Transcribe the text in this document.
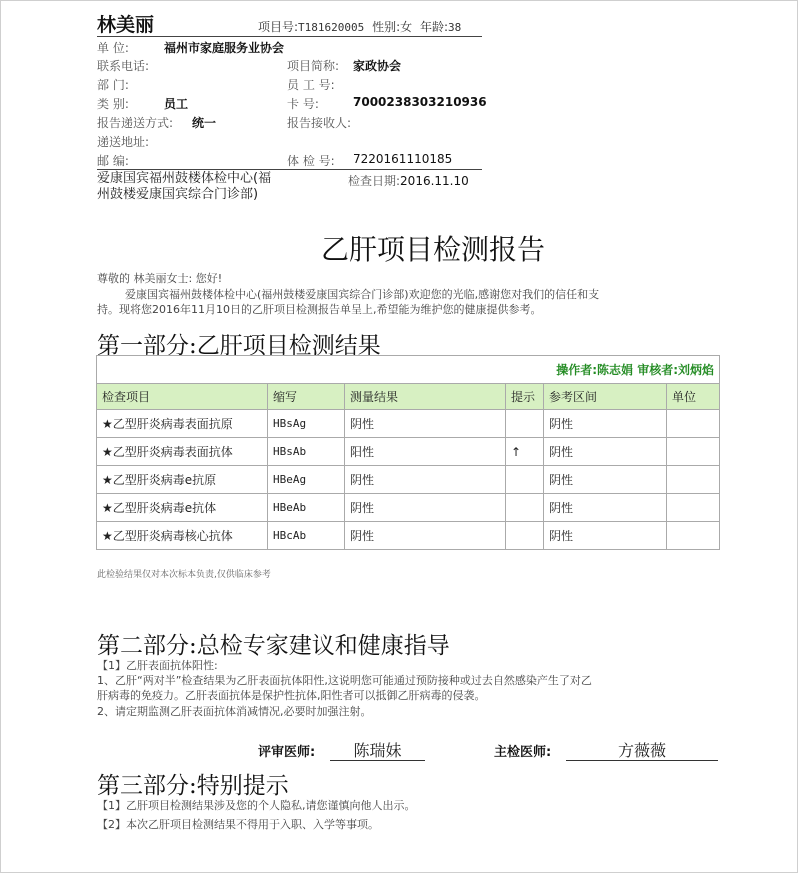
林美丽	项目号:T181620005 性别:女 年龄:38
单 位:	福州市家庭服务业协会
联系电话:	项目简称: 家政协会
部 门:	员 工 号:
类 别:	员工	卡 号:	7000238303210936
报告递送方式: 统一	报告接收人:
递送地址:
邮 编:	体 检 号: 7220161110185
爱康国宾福州鼓楼体检中心(福州鼓楼爱康国宾综合门诊部)
检查日期:2016.11.10
乙肝项目检测报告
尊敬的 林美丽女士: 您好!
爱康国宾福州鼓楼体检中心(福州鼓楼爱康国宾综合门诊部)欢迎您的光临,感谢您对我们的信任和支
持。现将您2016年11月10日的乙肝项目检测报告单呈上,希望能为维护您的健康提供参考。
第一部分:乙肝项目检测结果
操作者:陈志娟 审核者:刘炳焰					
检查项目	缩写	测量结果	提示	参考区间	单位
★乙型肝炎病毒表面抗原	HBsAg	阴性		阴性	
★乙型肝炎病毒表面抗体	HBsAb	阳性	↑	阴性	
★乙型肝炎病毒e抗原	HBeAg	阴性		阴性	
★乙型肝炎病毒e抗体	HBeAb	阴性		阴性	
★乙型肝炎病毒核心抗体	HBcAb	阴性		阴性	
此检验结果仅对本次标本负责,仅供临床参考
第二部分:总检专家建议和健康指导
【1】乙肝表面抗体阳性:
1、乙肝“两对半”检查结果为乙肝表面抗体阳性,这说明您可能通过预防接种或过去自然感染产生了对乙
肝病毒的免疫力。乙肝表面抗体是保护性抗体,阳性者可以抵御乙肝病毒的侵袭。
2、请定期监测乙肝表面抗体消减情况,必要时加强注射。
评审医师:	陈瑞妹	主检医师:	方薇薇
第三部分:特别提示
【1】乙肝项目检测结果涉及您的个人隐私,请您谨慎向他人出示。
【2】本次乙肝项目检测结果不得用于入职、入学等事项。
